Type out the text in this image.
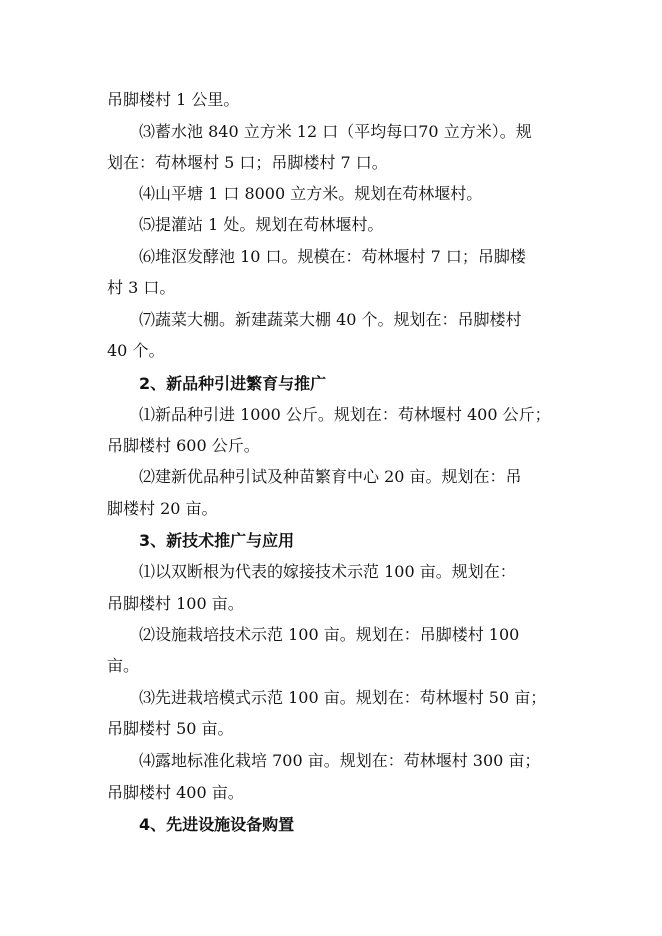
吊脚楼村 1 公里。

⑶蓄水池 840 立方米 12 口（平均每口70 立方米）。规

划在：苟林堰村 5 口；吊脚楼村 7 口。

⑷山平塘 1 口 8000 立方米。规划在苟林堰村。

⑸提灌站 1 处。规划在苟林堰村。

⑹堆沤发酵池 10 口。规模在：苟林堰村 7 口；吊脚楼

村 3 口。

⑺蔬菜大棚。新建蔬菜大棚 40 个。规划在：吊脚楼村

40 个。

2、新品种引进繁育与推广

⑴新品种引进 1000 公斤。规划在：苟林堰村 400 公斤；

吊脚楼村 600 公斤。

⑵建新优品种引试及种苗繁育中心 20 亩。规划在：吊

脚楼村 20 亩。

3、新技术推广与应用

⑴以双断根为代表的嫁接技术示范 100 亩。规划在：

吊脚楼村 100 亩。

⑵设施栽培技术示范 100 亩。规划在：吊脚楼村 100

亩。

⑶先进栽培模式示范 100 亩。规划在：苟林堰村 50 亩；

吊脚楼村 50 亩。

⑷露地标准化栽培 700 亩。规划在：苟林堰村 300 亩；

吊脚楼村 400 亩。

4、先进设施设备购置
